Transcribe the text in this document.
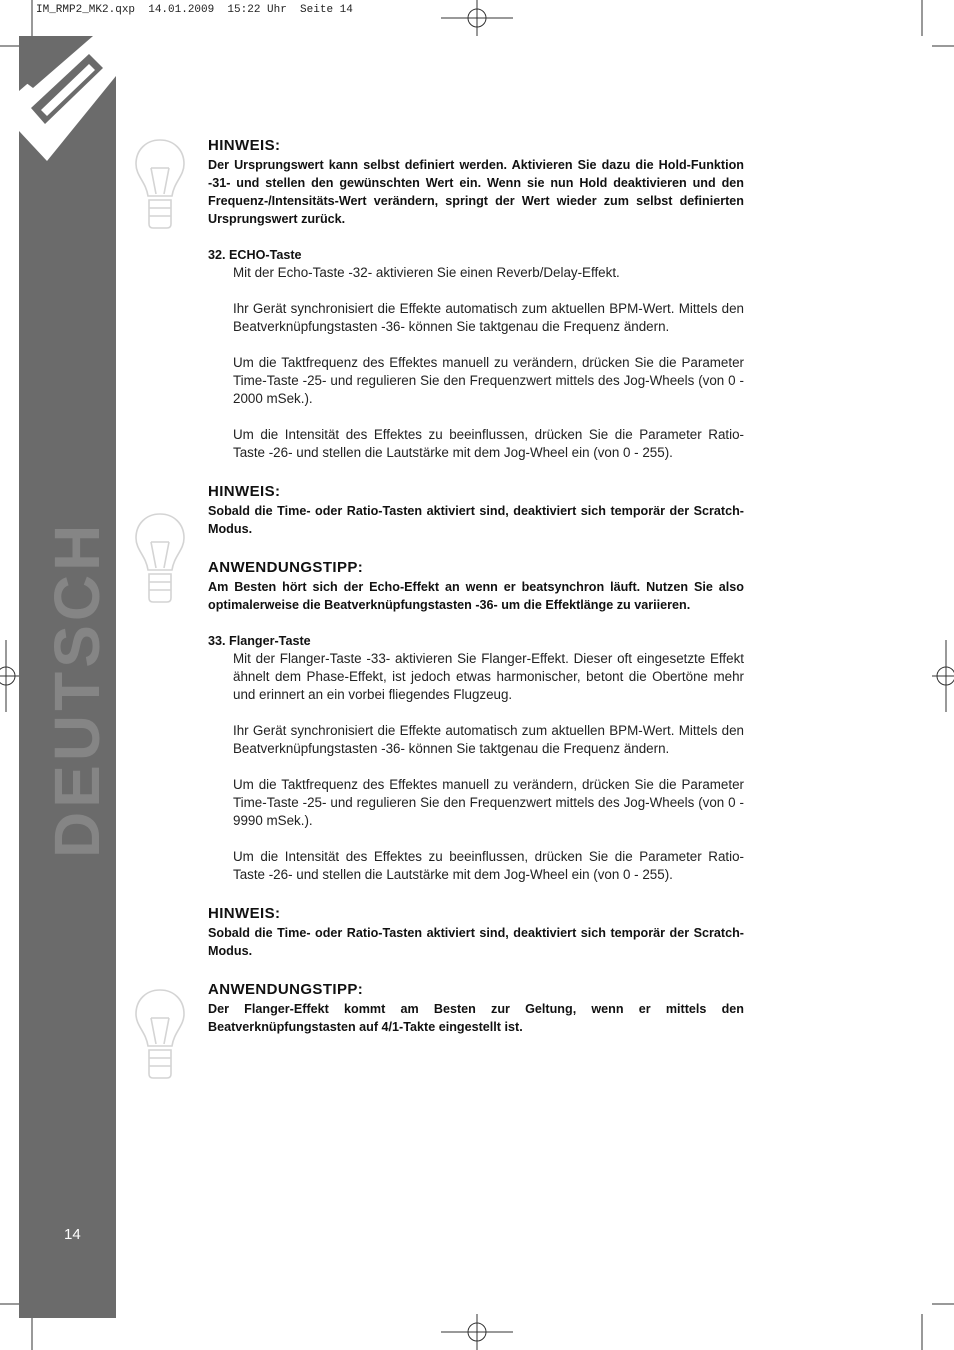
IM_RMP2_MK2.qxp  14.01.2009  15:22 Uhr  Seite 14
DEUTSCH
14
HINWEIS:

Der Ursprungswert kann selbst definiert werden. Aktivieren Sie dazu die Hold-Funktion -31- und stellen den gewünschten Wert ein. Wenn sie nun Hold deaktivieren und den Frequenz-/Intensitäts-Wert verändern, springt der Wert wieder zum selbst definierten Ursprungswert zurück.

32. ECHO-Taste

Mit der Echo-Taste -32- aktivieren Sie einen Reverb/Delay-Effekt.

Ihr Gerät synchronisiert die Effekte automatisch zum aktuellen BPM-Wert. Mittels den Beatverknüpfungstasten -36- können Sie taktgenau die Frequenz ändern.

Um die Taktfrequenz des Effektes manuell zu verändern, drücken Sie die Parameter Time-Taste -25- und regulieren Sie den Frequenzwert mittels des Jog-Wheels (von 0 - 2000 mSek.).

Um die Intensität des Effektes zu beeinflussen, drücken Sie die Parameter Ratio-Taste -26- und stellen die Lautstärke mit dem Jog-Wheel ein (von 0 - 255).

HINWEIS:

Sobald die Time- oder Ratio-Tasten aktiviert sind, deaktiviert sich temporär der Scratch-Modus.

ANWENDUNGSTIPP:

Am Besten hört sich der Echo-Effekt an wenn er beatsynchron läuft. Nutzen Sie also optimalerweise die Beatverknüpfungstasten -36- um die Effektlänge zu variieren.

33. Flanger-Taste

Mit der Flanger-Taste -33- aktivieren Sie Flanger-Effekt. Dieser oft eingesetzte Effekt ähnelt dem Phase-Effekt, ist jedoch etwas harmonischer, betont die Obertöne mehr und erinnert an ein vorbei fliegendes Flugzeug.

Ihr Gerät synchronisiert die Effekte automatisch zum aktuellen BPM-Wert. Mittels den Beatverknüpfungstasten -36- können Sie taktgenau die Frequenz ändern.

Um die Taktfrequenz des Effektes manuell zu verändern, drücken Sie die Parameter Time-Taste -25- und regulieren Sie den Frequenzwert mittels des Jog-Wheels (von 0 - 9990 mSek.).

Um die Intensität des Effektes zu beeinflussen, drücken Sie die Parameter Ratio-Taste -26- und stellen die Lautstärke mit dem Jog-Wheel ein (von 0 - 255).

HINWEIS:

Sobald die Time- oder Ratio-Tasten aktiviert sind, deaktiviert sich temporär der Scratch-Modus.

ANWENDUNGSTIPP:

Der Flanger-Effekt kommt am Besten zur Geltung, wenn er mittels den Beatverknüpfungstasten auf 4/1-Takte eingestellt ist.
